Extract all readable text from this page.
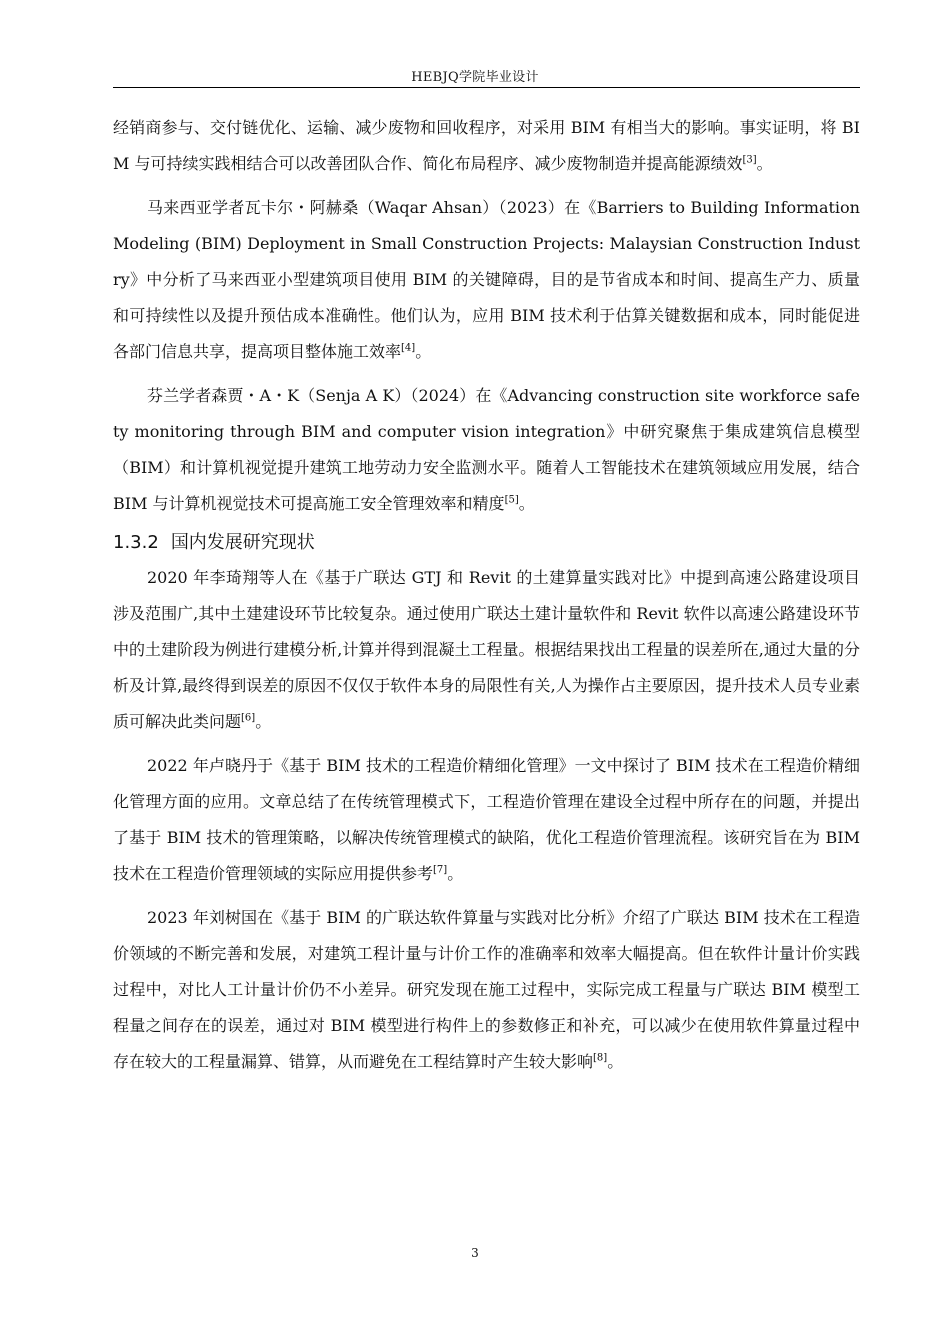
HEBJQ学院毕业设计

经销商参与、交付链优化、运输、减少废物和回收程序，对采用 BIM 有相当大的影响。事实证明，将 BIM 与可持续实践相结合可以改善团队合作、简化布局程序、减少废物制造并提高能源绩效[3]。

马来西亚学者瓦卡尔・阿赫桑（Waqar Ahsan）（2023）在《Barriers to Building Information Modeling (BIM) Deployment in Small Construction Projects: Malaysian Construction Industry》中分析了马来西亚小型建筑项目使用 BIM 的关键障碍，目的是节省成本和时间、提高生产力、质量和可持续性以及提升预估成本准确性。他们认为，应用 BIM 技术利于估算关键数据和成本，同时能促进各部门信息共享，提高项目整体施工效率[4]。

芬兰学者森贾・A・K（Senja A K）（2024）在《Advancing construction site workforce safety monitoring through BIM and computer vision integration》中研究聚焦于集成建筑信息模型（BIM）和计算机视觉提升建筑工地劳动力安全监测水平。随着人工智能技术在建筑领域应用发展，结合 BIM 与计算机视觉技术可提高施工安全管理效率和精度[5]。

1.3.2 国内发展研究现状

2020 年李琦翔等人在《基于广联达 GTJ 和 Revit 的土建算量实践对比》中提到高速公路建设项目涉及范围广,其中土建建设环节比较复杂。通过使用广联达土建计量软件和 Revit 软件以高速公路建设环节中的土建阶段为例进行建模分析,计算并得到混凝土工程量。根据结果找出工程量的误差所在,通过大量的分析及计算,最终得到误差的原因不仅仅于软件本身的局限性有关,人为操作占主要原因，提升技术人员专业素质可解决此类问题[6]。

2022 年卢晓丹于《基于 BIM 技术的工程造价精细化管理》一文中探讨了 BIM 技术在工程造价精细化管理方面的应用。文章总结了在传统管理模式下，工程造价管理在建设全过程中所存在的问题，并提出了基于 BIM 技术的管理策略，以解决传统管理模式的缺陷，优化工程造价管理流程。该研究旨在为 BIM 技术在工程造价管理领域的实际应用提供参考[7]。

2023 年刘树国在《基于 BIM 的广联达软件算量与实践对比分析》介绍了广联达 BIM 技术在工程造价领域的不断完善和发展，对建筑工程计量与计价工作的准确率和效率大幅提高。但在软件计量计价实践过程中，对比人工计量计价仍不小差异。研究发现在施工过程中，实际完成工程量与广联达 BIM 模型工程量之间存在的误差，通过对 BIM 模型进行构件上的参数修正和补充，可以减少在使用软件算量过程中存在较大的工程量漏算、错算，从而避免在工程结算时产生较大影响[8]。

3
